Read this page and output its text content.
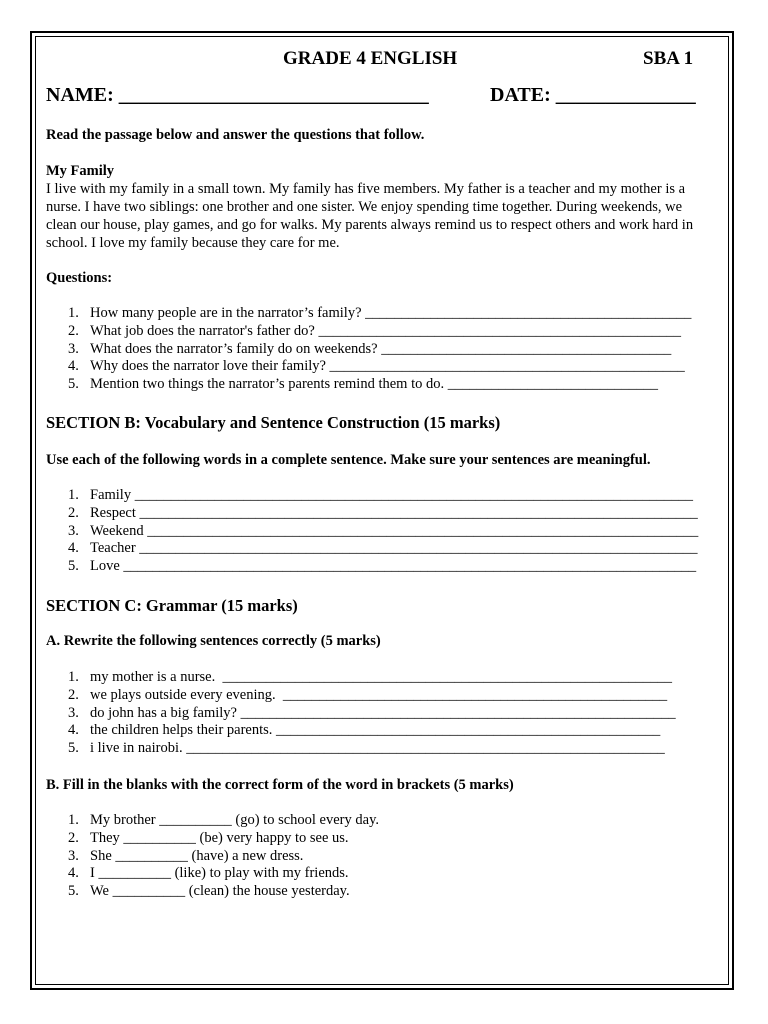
GRADE 4 ENGLISH	SBA 1
NAME: _______________________________	DATE: ______________
Read the passage below and answer the questions that follow.
My Family
I live with my family in a small town. My family has five members. My father is a teacher and my mother is a nurse. I have two siblings: one brother and one sister. We enjoy spending time together. During weekends, we clean our house, play games, and go for walks. My parents always remind us to respect others and work hard in school. I love my family because they care for me.
Questions:
1. How many people are in the narrator’s family? _____________________________________________
2. What job does the narrator's father do? __________________________________________________
3. What does the narrator’s family do on weekends? ________________________________________
4. Why does the narrator love their family? _________________________________________________
5. Mention two things the narrator’s parents remind them to do. _____________________________
SECTION B: Vocabulary and Sentence Construction (15 marks)
Use each of the following words in a complete sentence. Make sure your sentences are meaningful.
1. Family _____________________________________________________________________________
2. Respect _____________________________________________________________________________
3. Weekend ____________________________________________________________________________
4. Teacher _____________________________________________________________________________
5. Love _______________________________________________________________________________
SECTION C: Grammar (15 marks)
A. Rewrite the following sentences correctly (5 marks)
1. my mother is a nurse.  ______________________________________________________________
2. we plays outside every evening.  _____________________________________________________
3. do john has a big family? ____________________________________________________________
4. the children helps their parents. _____________________________________________________
5. i live in nairobi. __________________________________________________________________
B. Fill in the blanks with the correct form of the word in brackets (5 marks)
1. My brother __________ (go) to school every day.
2. They __________ (be) very happy to see us.
3. She __________ (have) a new dress.
4. I __________ (like) to play with my friends.
5. We __________ (clean) the house yesterday.
